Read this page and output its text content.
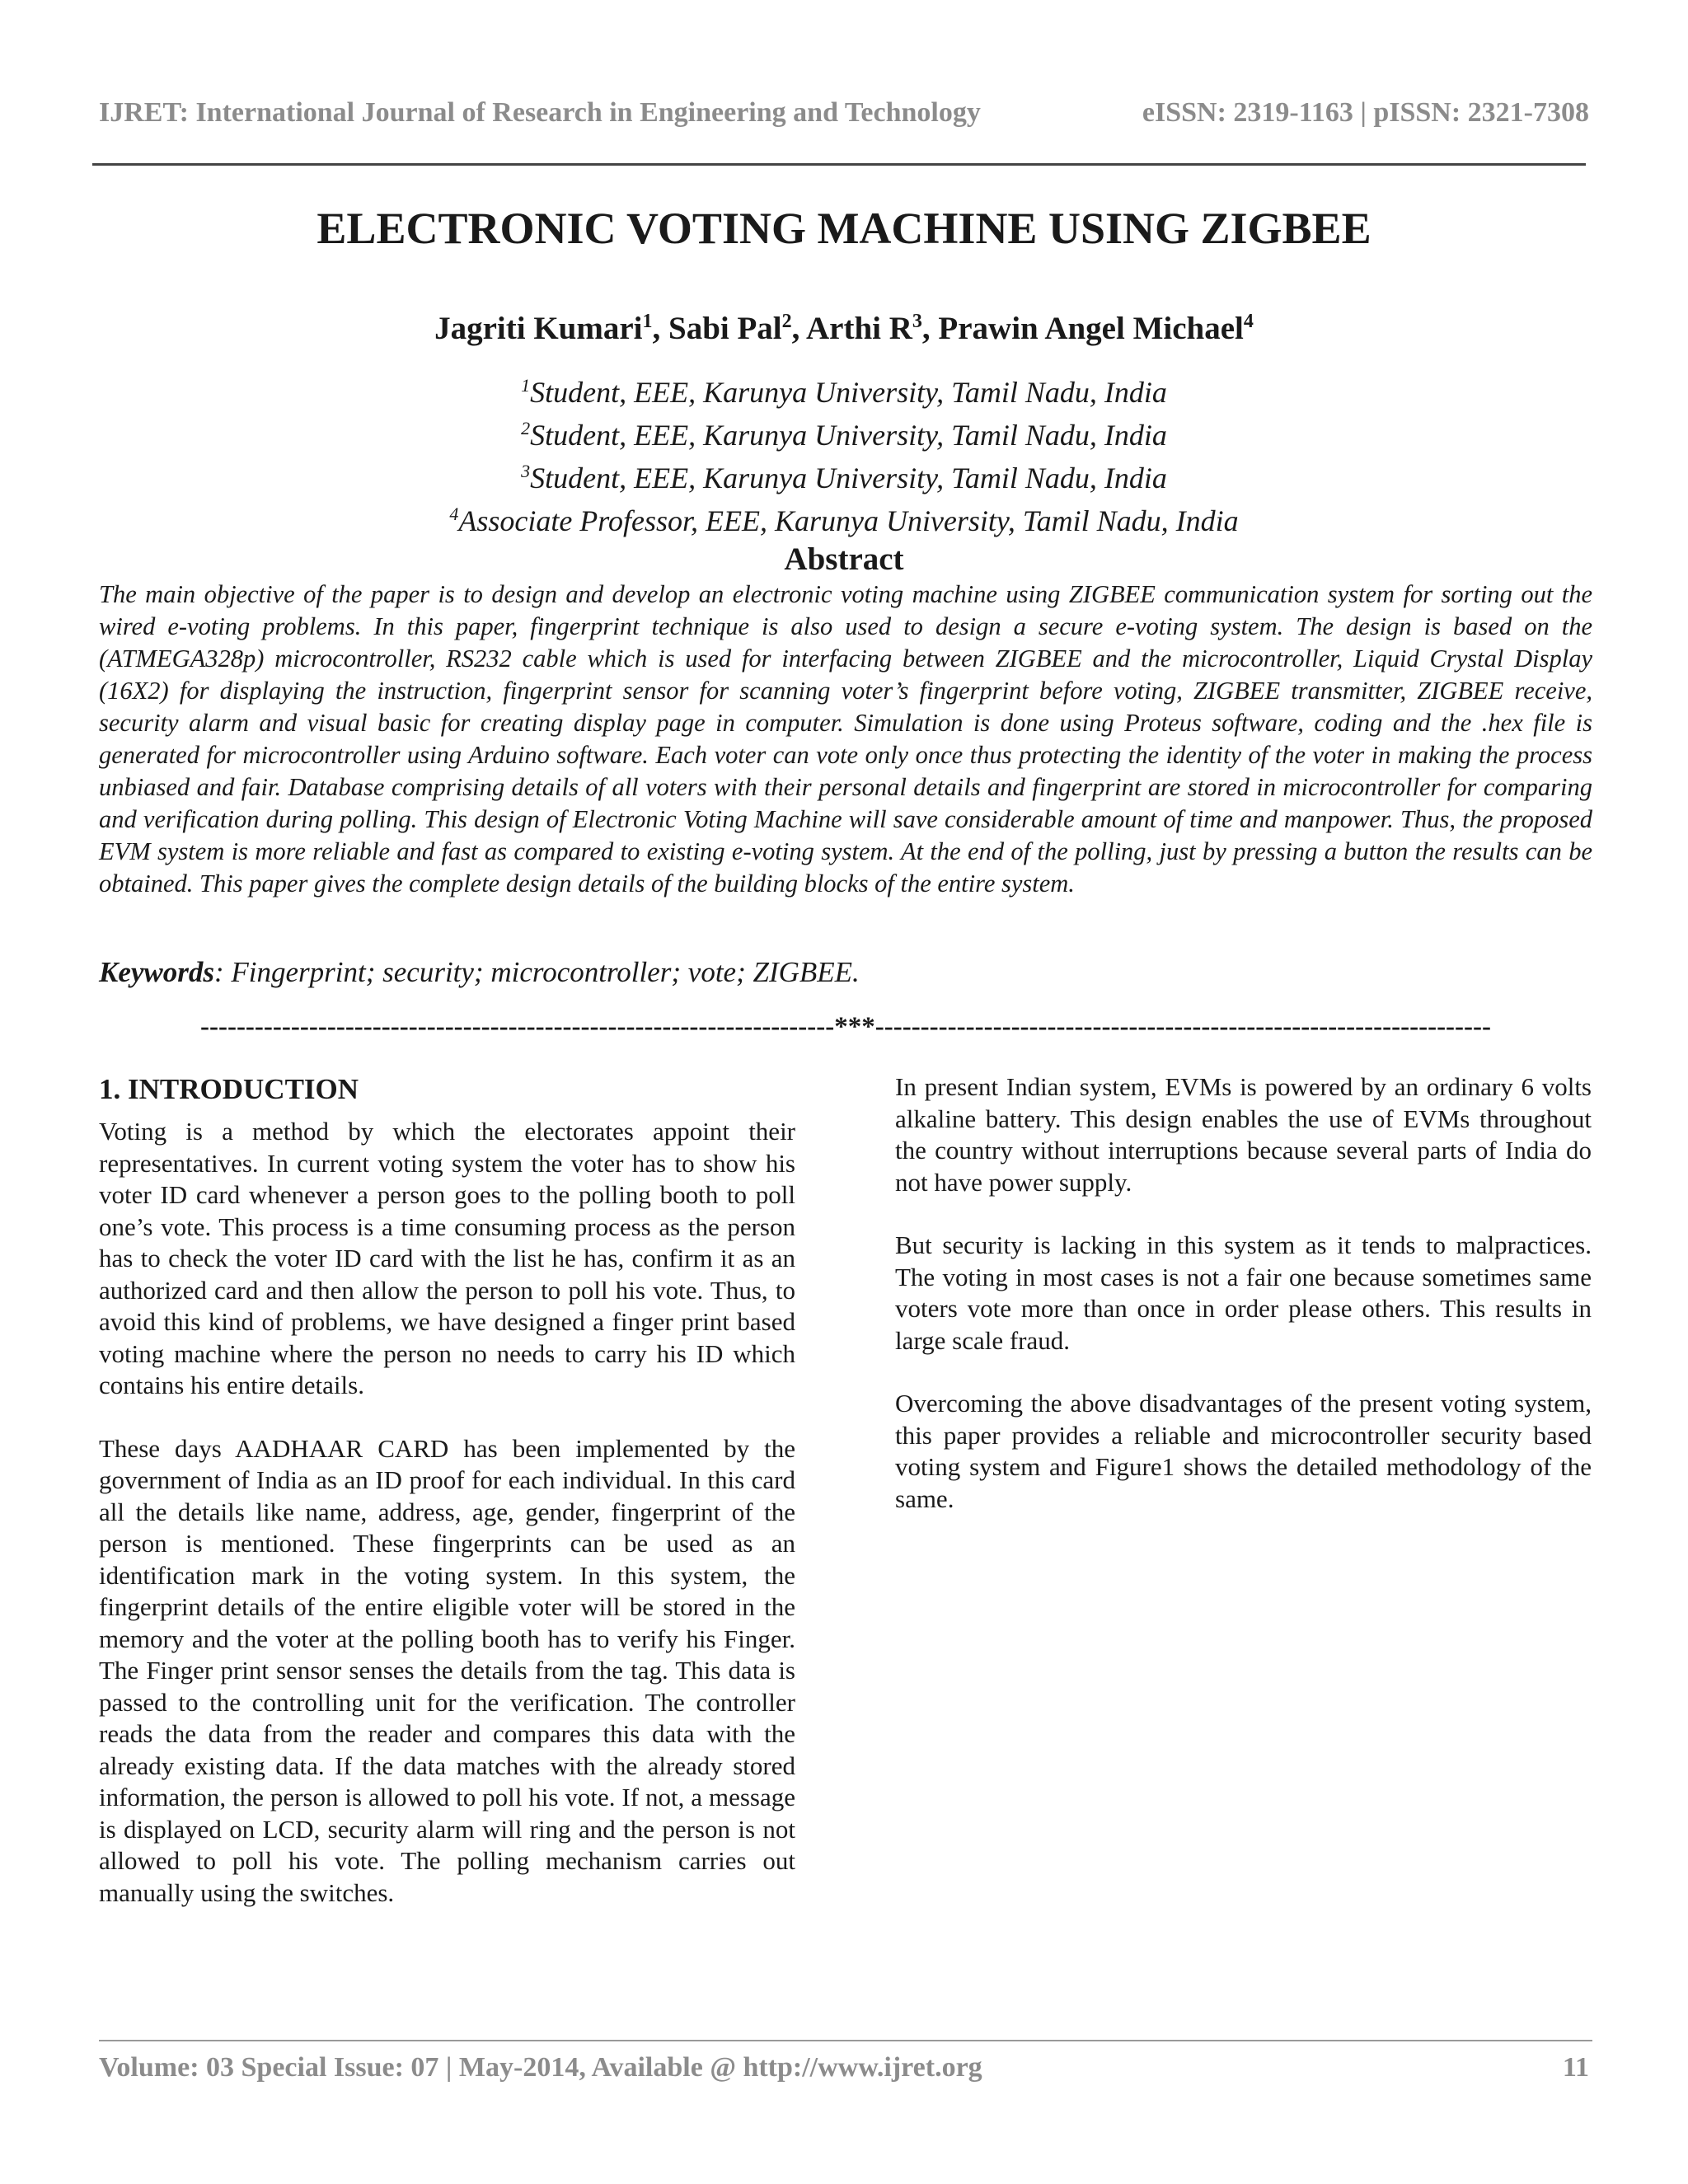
IJRET: International Journal of Research in Engineering and Technology	eISSN: 2319-1163 | pISSN: 2321-7308
ELECTRONIC VOTING MACHINE USING ZIGBEE
Jagriti Kumari$^1$, Sabi Pal$^2$, Arthi $R^3$, Prawin Angel Michael$^4$
$^1$Student, EEE, Karunya University, Tamil Nadu, India
$^2$Student, EEE, Karunya University, Tamil Nadu, India
$^3$Student, EEE, Karunya University, Tamil Nadu, India
$^4$Associate Professor, EEE, Karunya University, Tamil Nadu, India
Abstract
The main objective of the paper is to design and develop an electronic voting machine using ZIGBEE communication system for sorting out the wired e-voting problems. In this paper, fingerprint technique is also used to design a secure e-voting system. The design is based on the (ATMEGA328p) microcontroller, RS232 cable which is used for interfacing between ZIGBEE and the microcontroller, Liquid Crystal Display (16X2) for displaying the instruction, fingerprint sensor for scanning voter’s fingerprint before voting, ZIGBEE transmitter, ZIGBEE receive, security alarm and visual basic for creating display page in computer. Simulation is done using Proteus software, coding and the .hex file is generated for microcontroller using Arduino software. Each voter can vote only once thus protecting the identity of the voter in making the process unbiased and fair. Database comprising details of all voters with their personal details and fingerprint are stored in microcontroller for comparing and verification during polling. This design of Electronic Voting Machine will save considerable amount of time and manpower. Thus, the proposed EVM system is more reliable and fast as compared to existing e-voting system. At the end of the polling, just by pressing a button the results can be obtained. This paper gives the complete design details of the building blocks of the entire system.
Keywords: Fingerprint; security; microcontroller; vote; ZIGBEE.
----------------------------------------------------------------------***--------------------------------------------------------------------
1. INTRODUCTION

Voting is a method by which the electorates appoint their representatives. In current voting system the voter has to show his voter ID card whenever a person goes to the polling booth to poll one’s vote. This process is a time consuming process as the person has to check the voter ID card with the list he has, confirm it as an authorized card and then allow the person to poll his vote. Thus, to avoid this kind of problems, we have designed a finger print based voting machine where the person no needs to carry his ID which contains his entire details.

These days AADHAAR CARD has been implemented by the government of India as an ID proof for each individual. In this card all the details like name, address, age, gender, fingerprint of the person is mentioned. These fingerprints can be used as an identification mark in the voting system. In this system, the fingerprint details of the entire eligible voter will be stored in the memory and the voter at the polling booth has to verify his Finger. The Finger print sensor senses the details from the tag. This data is passed to the controlling unit for the verification. The controller reads the data from the reader and compares this data with the already existing data. If the data matches with the already stored information, the person is allowed to poll his vote. If not, a message is displayed on LCD, security alarm will ring and the person is not allowed to poll his vote. The polling mechanism carries out manually using the switches.

In present Indian system, EVMs is powered by an ordinary 6 volts alkaline battery. This design enables the use of EVMs throughout the country without interruptions because several parts of India do not have power supply.

But security is lacking in this system as it tends to malpractices. The voting in most cases is not a fair one because sometimes same voters vote more than once in order please others. This results in large scale fraud.

Overcoming the above disadvantages of the present voting system, this paper provides a reliable and microcontroller security based voting system and Figure1 shows the detailed methodology of the same.

Volume: 03 Special Issue: 07 | May-2014, Available @ http://www.ijret.org	11
